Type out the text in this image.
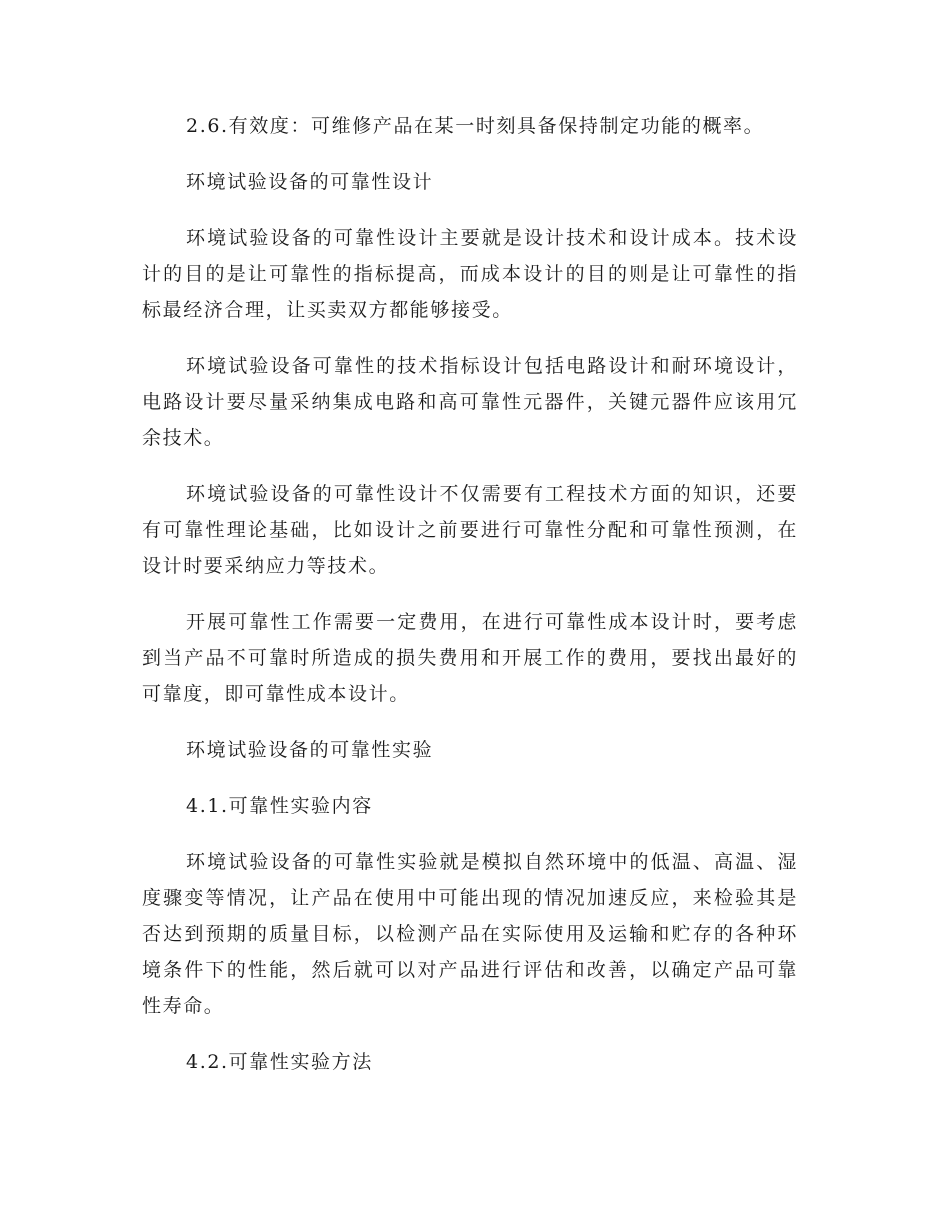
2.6.有效度：可维修产品在某一时刻具备保持制定功能的概率。

环境试验设备的可靠性设计

环境试验设备的可靠性设计主要就是设计技术和设计成本。技术设计的目的是让可靠性的指标提高，而成本设计的目的则是让可靠性的指标最经济合理，让买卖双方都能够接受。

环境试验设备可靠性的技术指标设计包括电路设计和耐环境设计，电路设计要尽量采纳集成电路和高可靠性元器件，关键元器件应该用冗余技术。

环境试验设备的可靠性设计不仅需要有工程技术方面的知识，还要有可靠性理论基础，比如设计之前要进行可靠性分配和可靠性预测，在设计时要采纳应力等技术。

开展可靠性工作需要一定费用，在进行可靠性成本设计时，要考虑到当产品不可靠时所造成的损失费用和开展工作的费用，要找出最好的可靠度，即可靠性成本设计。

环境试验设备的可靠性实验

4.1.可靠性实验内容

环境试验设备的可靠性实验就是模拟自然环境中的低温、高温、湿度骤变等情况，让产品在使用中可能出现的情况加速反应，来检验其是否达到预期的质量目标，以检测产品在实际使用及运输和贮存的各种环境条件下的性能，然后就可以对产品进行评估和改善，以确定产品可靠性寿命。

4.2.可靠性实验方法
